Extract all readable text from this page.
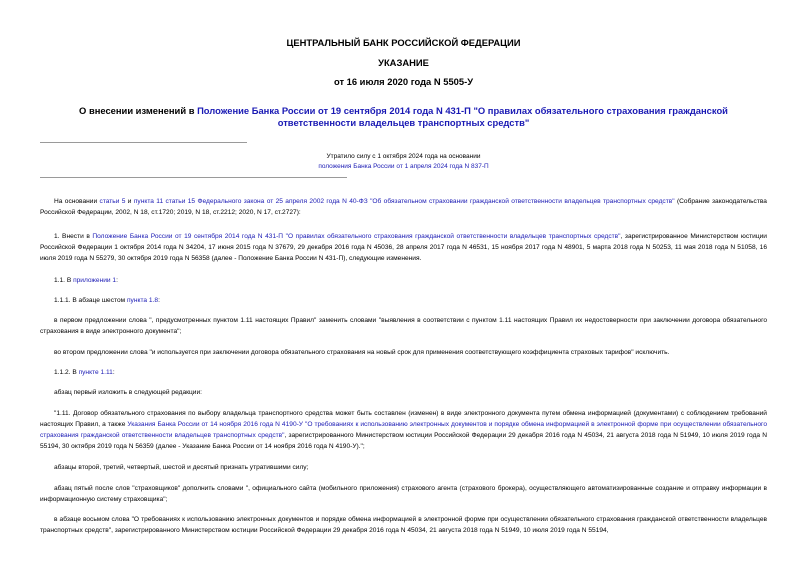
ЦЕНТРАЛЬНЫЙ БАНК РОССИЙСКОЙ ФЕДЕРАЦИИ
УКАЗАНИЕ
от 16 июля 2020 года N 5505-У
О внесении изменений в Положение Банка России от 19 сентября 2014 года N 431-П "О правилах обязательного страхования гражданской ответственности владельцев транспортных средств"
Утратило силу с 1 октября 2024 года на основании
положения Банка России от 1 апреля 2024 года N 837-П
На основании статьи 5 и пункта 11 статьи 15 Федерального закона от 25 апреля 2002 года N 40-ФЗ "Об обязательном страховании гражданской ответственности владельцев транспортных средств" (Собрание законодательства Российской Федерации, 2002, N 18, ст.1720; 2019, N 18, ст.2212; 2020, N 17, ст.2727):
1. Внести в Положение Банка России от 19 сентября 2014 года N 431-П "О правилах обязательного страхования гражданской ответственности владельцев транспортных средств", зарегистрированное Министерством юстиции Российской Федерации 1 октября 2014 года N 34204, 17 июня 2015 года N 37679, 29 декабря 2016 года N 45036, 28 апреля 2017 года N 46531, 15 ноября 2017 года N 48901, 5 марта 2018 года N 50253, 11 мая 2018 года N 51058, 16 июля 2019 года N 55279, 30 октября 2019 года N 56358 (далее - Положение Банка России N 431-П), следующие изменения.
1.1. В приложении 1:
1.1.1. В абзаце шестом пункта 1.8:
в первом предложении слова ", предусмотренных пунктом 1.11 настоящих Правил" заменить словами "выявления в соответствии с пунктом 1.11 настоящих Правил их недостоверности при заключении договора обязательного страхования в виде электронного документа";
во втором предложении слова "и используется при заключении договора обязательного страхования на новый срок для применения соответствующего коэффициента страховых тарифов" исключить.
1.1.2. В пункте 1.11:
абзац первый изложить в следующей редакции:
"1.11. Договор обязательного страхования по выбору владельца транспортного средства может быть составлен (изменен) в виде электронного документа путем обмена информацией (документами) с соблюдением требований настоящих Правил, а также Указания Банка России от 14 ноября 2016 года N 4190-У "О требованиях к использованию электронных документов и порядке обмена информацией в электронной форме при осуществлении обязательного страхования гражданской ответственности владельцев транспортных средств", зарегистрированного Министерством юстиции Российской Федерации 29 декабря 2016 года N 45034, 21 августа 2018 года N 51949, 10 июля 2019 года N 55194, 30 октября 2019 года N 56359 (далее - Указание Банка России от 14 ноября 2016 года N 4190-У).";
абзацы второй, третий, четвертый, шестой и десятый признать утратившими силу;
абзац пятый после слов "страховщиков" дополнить словами ", официального сайта (мобильного приложения) страхового агента (страхового брокера), осуществляющего автоматизированные создание и отправку информации в информационную систему страховщика";
в абзаце восьмом слова "О требованиях к использованию электронных документов и порядке обмена информацией в электронной форме при осуществлении обязательного страхования гражданской ответственности владельцев транспортных средств", зарегистрированного Министерством юстиции Российской Федерации 29 декабря 2016 года N 45034, 21 августа 2018 года N 51949, 10 июля 2019 года N 55194,
